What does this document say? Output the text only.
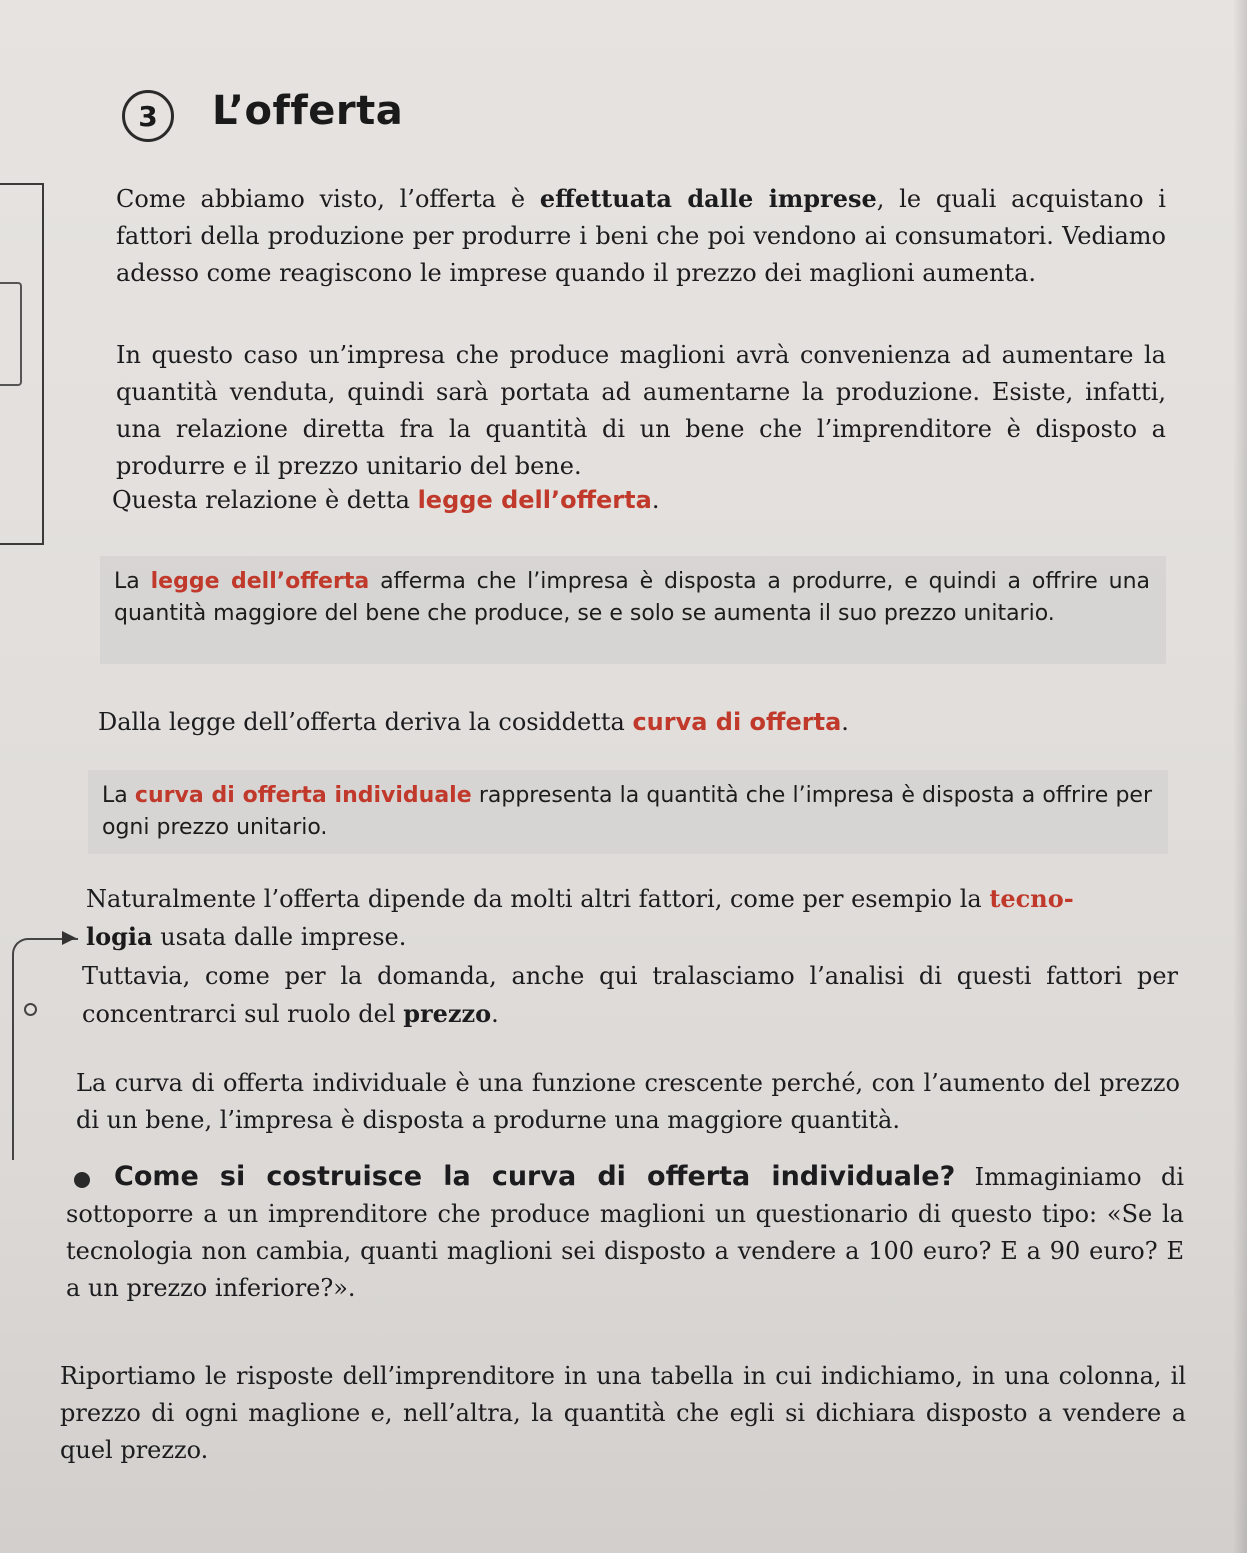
3	L’offerta

Come abbiamo visto, l’offerta è effettuata dalle imprese, le quali acquistano i fattori della produzione per produrre i beni che poi vendono ai consumatori. Vediamo adesso come reagiscono le imprese quando il prezzo dei maglioni aumenta.

In questo caso un’impresa che produce maglioni avrà convenienza ad aumentare la quantità venduta, quindi sarà portata ad aumentarne la produzione. Esiste, infatti, una relazione diretta fra la quantità di un bene che l’imprenditore è disposto a produrre e il prezzo unitario del bene.

Questa relazione è detta legge dell’offerta.

La legge dell’offerta afferma che l’impresa è disposta a produrre, e quindi a offrire una quantità maggiore del bene che produce, se e solo se aumenta il suo prezzo unitario.

Dalla legge dell’offerta deriva la cosiddetta curva di offerta.

La curva di offerta individuale rappresenta la quantità che l’impresa è disposta a offrire per ogni prezzo unitario.

Naturalmente l’offerta dipende da molti altri fattori, come per esempio la tecno-
logia usata dalle imprese.

Tuttavia, come per la domanda, anche qui tralasciamo l’analisi di questi fattori per concentrarci sul ruolo del prezzo.

La curva di offerta individuale è una funzione crescente perché, con l’aumento del prezzo di un bene, l’impresa è disposta a produrne una maggiore quantità.

Come si costruisce la curva di offerta individuale? Immaginiamo di sottoporre a un imprenditore che produce maglioni un questionario di questo tipo: «Se la tecnologia non cambia, quanti maglioni sei disposto a vendere a 100 euro? E a 90 euro? E a un prezzo inferiore?».

Riportiamo le risposte dell’imprenditore in una tabella in cui indichiamo, in una colonna, il prezzo di ogni maglione e, nell’altra, la quantità che egli si dichiara disposto a vendere a quel prezzo.
